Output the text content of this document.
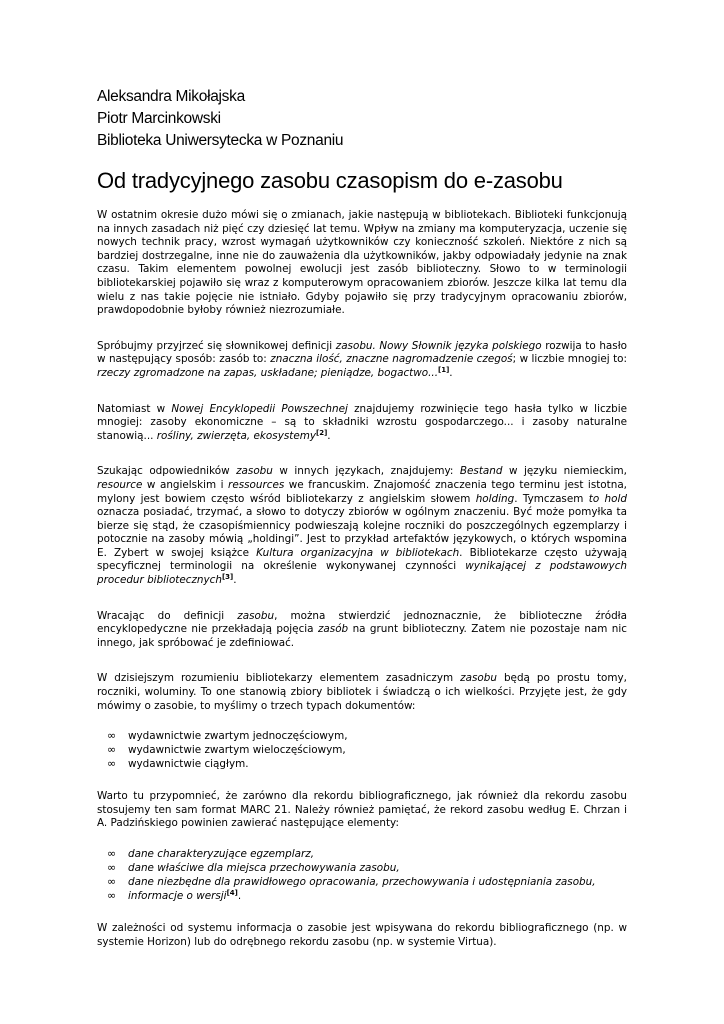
Aleksandra Mikołajska
Piotr Marcinkowski
Biblioteka Uniwersytecka w Poznaniu
Od tradycyjnego zasobu czasopism do e-zasobu

W ostatnim okresie dużo mówi się o zmianach, jakie następują w bibliotekach. Biblioteki funkcjonują na innych zasadach niż pięć czy dziesięć lat temu. Wpływ na zmiany ma komputeryzacja, uczenie się nowych technik pracy, wzrost wymagań użytkowników czy konieczność szkoleń. Niektóre z nich są bardziej dostrzegalne, inne nie do zauważenia dla użytkowników, jakby odpowiadały jedynie na znak czasu. Takim elementem powolnej ewolucji jest zasób biblioteczny. Słowo to w terminologii bibliotekarskiej pojawiło się wraz z komputerowym opracowaniem zbiorów. Jeszcze kilka lat temu dla wielu z nas takie pojęcie nie istniało. Gdyby pojawiło się przy tradycyjnym opracowaniu zbiorów, prawdopodobnie byłoby również niezrozumiałe.

Spróbujmy przyjrzeć się słownikowej definicji zasobu. Nowy Słownik języka polskiego rozwija to hasło w następujący sposób: zasób to: znaczna ilość, znaczne nagromadzenie czegoś; w liczbie mnogiej to: rzeczy zgromadzone na zapas, uskładane; pieniądze, bogactwo...[1].

Natomiast w Nowej Encyklopedii Powszechnej znajdujemy rozwinięcie tego hasła tylko w liczbie mnogiej: zasoby ekonomiczne – są to składniki wzrostu gospodarczego... i zasoby naturalne stanowią... rośliny, zwierzęta, ekosystemy[2].

Szukając odpowiedników zasobu w innych językach, znajdujemy: Bestand w języku niemieckim, resource w angielskim i ressources we francuskim. Znajomość znaczenia tego terminu jest istotna, mylony jest bowiem często wśród bibliotekarzy z angielskim słowem holding. Tymczasem to hold oznacza posiadać, trzymać, a słowo to dotyczy zbiorów w ogólnym znaczeniu. Być może pomyłka ta bierze się stąd, że czasopiśmiennicy podwieszają kolejne roczniki do poszczególnych egzemplarzy i potocznie na zasoby mówią „holdingi”. Jest to przykład artefaktów językowych, o których wspomina E. Zybert w swojej książce Kultura organizacyjna w bibliotekach. Bibliotekarze często używają specyficznej terminologii na określenie wykonywanej czynności wynikającej z podstawowych procedur bibliotecznych[3].

Wracając do definicji zasobu, można stwierdzić jednoznacznie, że biblioteczne źródła encyklopedyczne nie przekładają pojęcia zasób na grunt biblioteczny. Zatem nie pozostaje nam nic innego, jak spróbować je zdefiniować.

W dzisiejszym rozumieniu bibliotekarzy elementem zasadniczym zasobu będą po prostu tomy, roczniki, woluminy. To one stanowią zbiory bibliotek i świadczą o ich wielkości. Przyjęte jest, że gdy mówimy o zasobie, to myślimy o trzech typach dokumentów:

∞ wydawnictwie zwartym jednoczęściowym,
∞ wydawnictwie zwartym wieloczęściowym,
∞ wydawnictwie ciągłym.

Warto tu przypomnieć, że zarówno dla rekordu bibliograficznego, jak również dla rekordu zasobu stosujemy ten sam format MARC 21. Należy również pamiętać, że rekord zasobu według E. Chrzan i A. Padzińskiego powinien zawierać następujące elementy:

∞ dane charakteryzujące egzemplarz,
∞ dane właściwe dla miejsca przechowywania zasobu,
∞ dane niezbędne dla prawidłowego opracowania, przechowywania i udostępniania zasobu,
∞ informacje o wersji[4].

W zależności od systemu informacja o zasobie jest wpisywana do rekordu bibliograficznego (np. w systemie Horizon) lub do odrębnego rekordu zasobu (np. w systemie Virtua).
